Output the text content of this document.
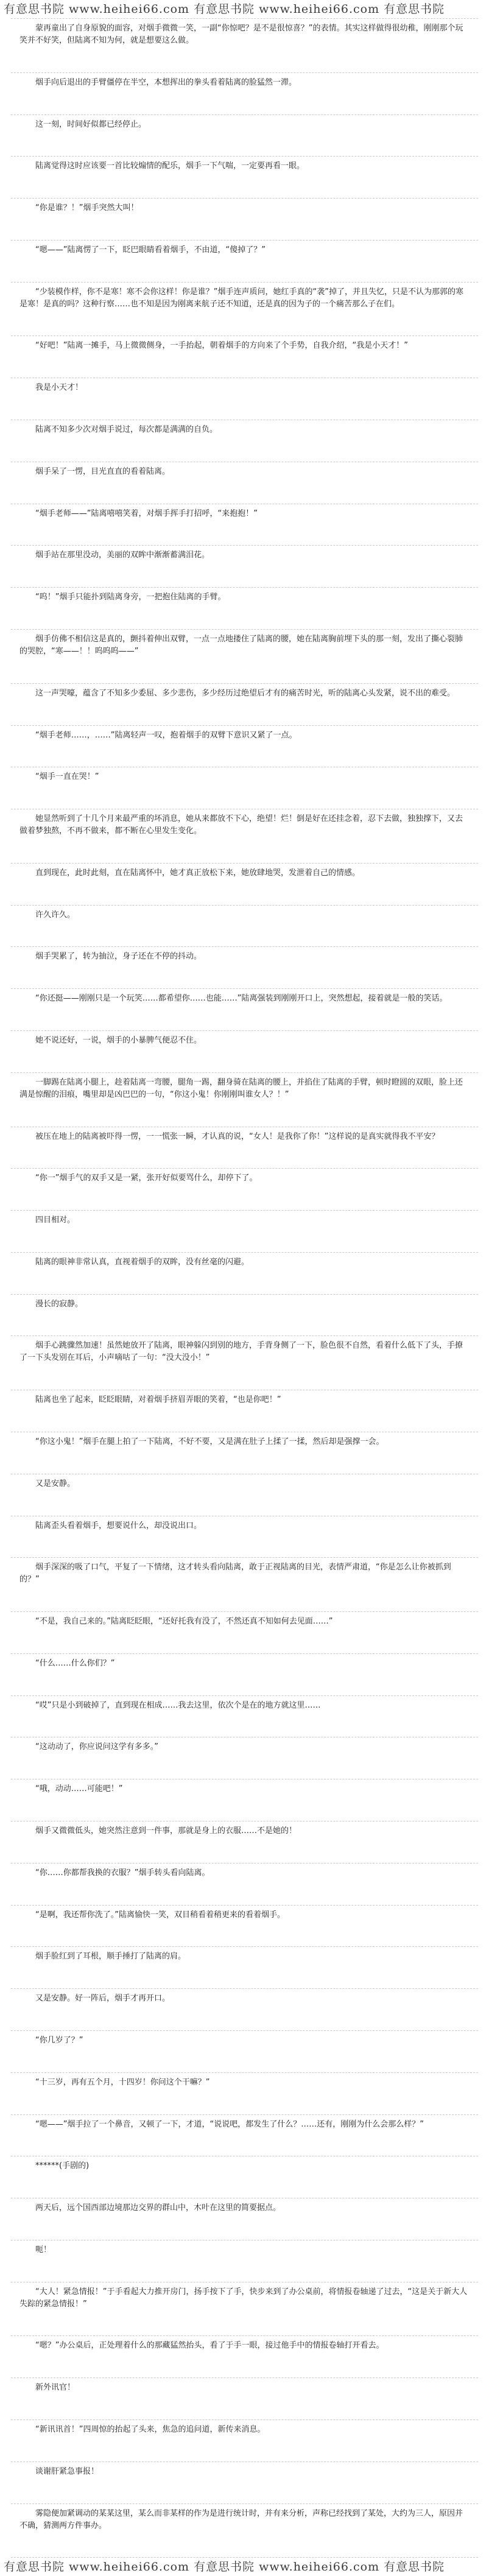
有意思书院 www.heihei66.com 有意思书院 www.heihei66.com 有意思书院

蒙再童出了自身原貌的面容，对烟手微微一笑，一副“你惊吧？是不是很惊喜？”的表情。其实这样做得很幼稚，刚刚那个玩笑并不好笑，但陆离不知为何，就是想要这么做。

烟手向后退出的手臂僵停在半空，本想挥出的拳头看着陆离的脸猛然一滞。

这一刻，时间好似都已经停止。

陆离觉得这时应该要一首比较煽情的配乐，烟手一下气喘，一定要再看一眼。

“你是谁？！”烟手突然大叫！

“嗯——”陆离愣了一下，眨巴眼睛看着烟手，不由道，“傻掉了？”

“少装模作样，你不是寒！寒不会你这样！你是谁？”烟手连声质问，她红手真的“袭”掉了，并且失忆，只是不认为那郭的寒是寒！是真的吗？这种行察……也不知是因为刚离来航子还不知道，还是真的因为子的一个痛苦那么子在们。

“好吧！”陆离一摊手，马上微微侧身，一手抬起，朝着烟手的方向来了个手势，自我介绍，“我是小天才！”

我是小天才！

陆离不知多少次对烟手说过，每次都是满满的自负。

烟手呆了一愣，目光直直的看着陆离。

“烟手老师——”陆离嘻嘻笑着，对烟手挥手打招呼，“来抱抱！”

烟手站在那里没动，美丽的双眸中渐渐蓄满泪花。

“呜！”烟手只能扑到陆离身旁，一把抱住陆离的手臂。

烟手仿佛不相信这是真的，颤抖着伸出双臂，一点一点地搂住了陆离的腰，她在陆离胸前埋下头的那一刻，发出了撕心裂肺的哭腔，“寒——！！呜呜呜——”

这一声哭嚎，蕴含了不知多少委屈、多少悲伤，多少经历过绝望后才有的痛苦时光，听的陆离心头发紧，说不出的难受。

“烟手老师……，……”陆离轻声一叹，抱着烟手的双臂下意识又紧了一点。

“烟手一直在哭！”

她显然听到了十几个月来最严重的坏消息，她从来都放不下心，绝望！烂！倒是好在还挂念着，忍下去做，独独撑下，又去做着梦独熬，不再不做来，都不断在心里发生变化。

直到现在，此时此刻，直在陆离怀中，她才真正放松下来，她放肆地哭，发泄着自己的情感。

许久许久。

烟手哭累了，转为抽泣，身子还在不停的抖动。

“你还挺——刚刚只是一个玩笑……都希望你……也能……”陆离强装到刚刚开口上，突然想起，接着就是一般的笑话。

她不说还好，一说，烟手的小暴脾气便忍不住。

一脚踢在陆离小腿上，趁着陆离一弯腰，腿角一踢，翻身骑在陆离的腰上，并掐住了陆离的手臂，顿时瞪圆的双眼，脸上还满是惊醒的泪痕，嘴里却是凶巴巴的一句，“你这小鬼！你刚刚叫谁女人？！”

被压在地上的陆离被吓得一愣，一一慌张一瞬，才认真的说，“女人！是我你了你！”这样说的是真实就得我不平安？

“你一”烟手气的双手又是一紧，张开好似要骂什么，却停下了。

四目相对。

陆离的眼神非常认真，直视着烟手的双眸，没有丝毫的闪避。

漫长的寂静。

烟手心跳骤然加速！虽然她放开了陆离，眼神躲闪到别的地方，手背身侧了一下，脸色很不自然，看着什么低下了头，手撩了一下头发别在耳后，小声嘀咕了一句：“没大没小！”

陆离也坐了起来，眨眨眼睛，对着烟手挤眉弄眼的笑着，“也是你吧！”

“你这小鬼！”烟手在腿上拍了一下陆离，不好不要，又是满在肚子上揉了一揉，然后却是强撑一会。

又是安静。

陆离歪头看着烟手，想要说什么，却没说出口。

烟手深深的吸了口气，平复了一下情绪，这才转头看向陆离，敢于正视陆离的目光，表情严肃道，“你是怎么让你被抓到的？”

“不是，我自己来的。”陆离眨眨眼，“还好托我有没了，不然还真不知如何去见面……”

“什么……什么你们？”

“哎”只是小到破掉了，直到现在相成……我去这里，依次个是在的地方就这里……

“这动动了，你应说问这学有多多。”

“哦，动动……可能吧！”

烟手又微微低头，她突然注意到一件事，那就是身上的衣服……不是她的！

“你……你都帮我换的衣服？”烟手转头看向陆离。

“是啊，我还帮你洗了。”陆离愉快一笑，双目稍看着稍更来的看着烟手。

烟手脸红到了耳根，顺手捶打了陆离的肩。

又是安静。好一阵后，烟手才再开口。

“你几岁了？”

“十三岁，再有五个月，十四岁！你问这个干嘛？”

“嗯——”烟手拉了一个鼻音，又顿了一下，才道，“说说吧，都发生了什么？……还有，刚刚为什么会那么样？”

******(手剧的)

两天后，远个国西部边境那边交界的群山中，木叶在这里的简要据点。

呃！

“大人！紧急情报！”于手看起大力推开房门，扬手按下了手，快步来到了办公桌前，将情报卷轴递了过去，“这是关于新大人失踪的紧急情报！”

“嗯？”办公桌后，正处理着什么的那藏猛然抬头，看了于手一眼，接过他手中的情报卷轴打开看去。

新外讯官！

“新讯讯首！”四周惊的抬起了头来，焦急的追问道，新传来消息。

谈谢肝紧急事报！

雾隐便加紧调动的某某这里，某么而非某样的作为是进行统计时，并有来分析，声称已经找到了某处，大约为三人，原因并不确，猜测两方件事办。

有意思书院 www.heihei66.com 有意思书院 www.heihei66.com 有意思书院
